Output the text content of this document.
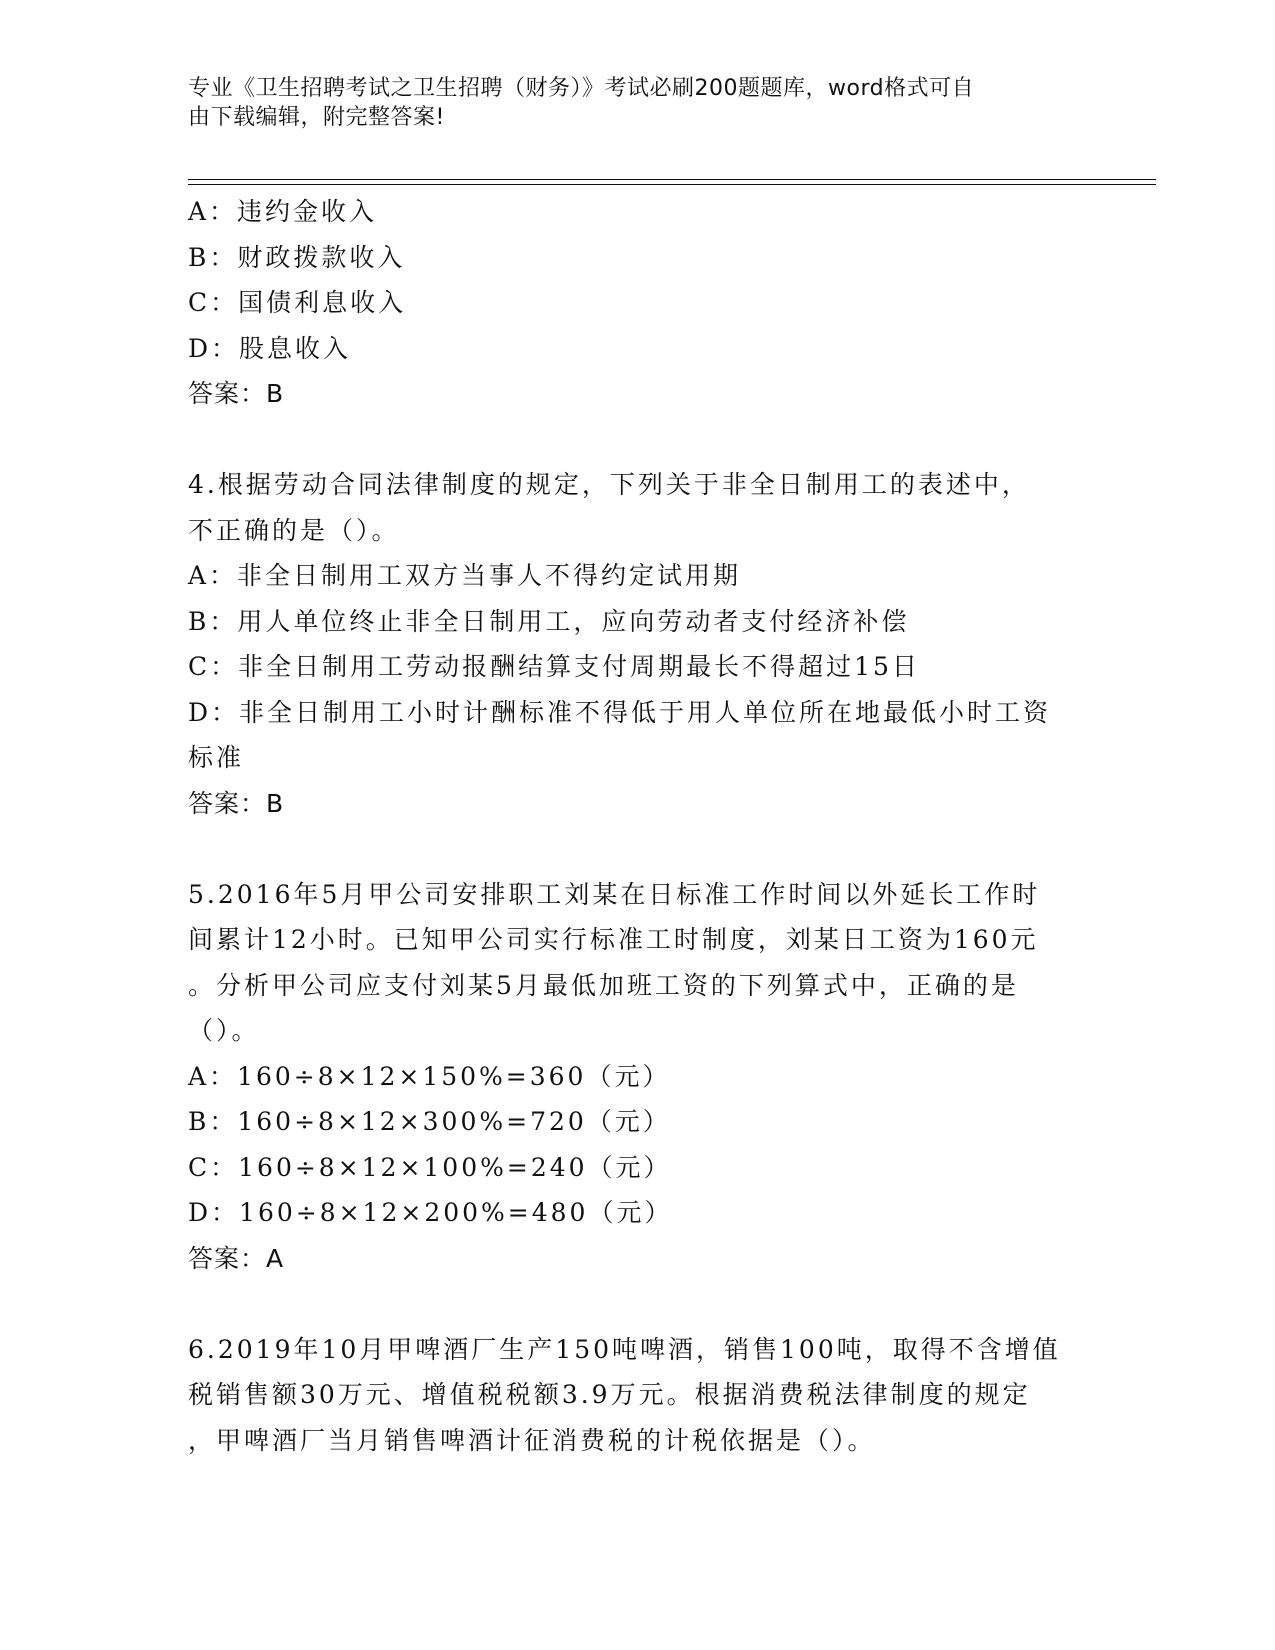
专业《卫生招聘考试之卫生招聘（财务）》考试必刷200题题库，word格式可自
由下载编辑，附完整答案!
A：违约金收入
B：财政拨款收入
C：国债利息收入
D：股息收入
答案：B
4.根据劳动合同法律制度的规定，下列关于非全日制用工的表述中，
不正确的是（）。
A：非全日制用工双方当事人不得约定试用期
B：用人单位终止非全日制用工，应向劳动者支付经济补偿
C：非全日制用工劳动报酬结算支付周期最长不得超过15日
D：非全日制用工小时计酬标准不得低于用人单位所在地最低小时工资
标准
答案：B
5.2016年5月甲公司安排职工刘某在日标准工作时间以外延长工作时
间累计12小时。已知甲公司实行标准工时制度，刘某日工资为160元
。分析甲公司应支付刘某5月最低加班工资的下列算式中，正确的是
（）。
A：160÷8×12×150%=360（元）
B：160÷8×12×300%=720（元）
C：160÷8×12×100%=240（元）
D：160÷8×12×200%=480（元）
答案：A
6.2019年10月甲啤酒厂生产150吨啤酒，销售100吨，取得不含增值
税销售额30万元、增值税税额3.9万元。根据消费税法律制度的规定
，甲啤酒厂当月销售啤酒计征消费税的计税依据是（）。
